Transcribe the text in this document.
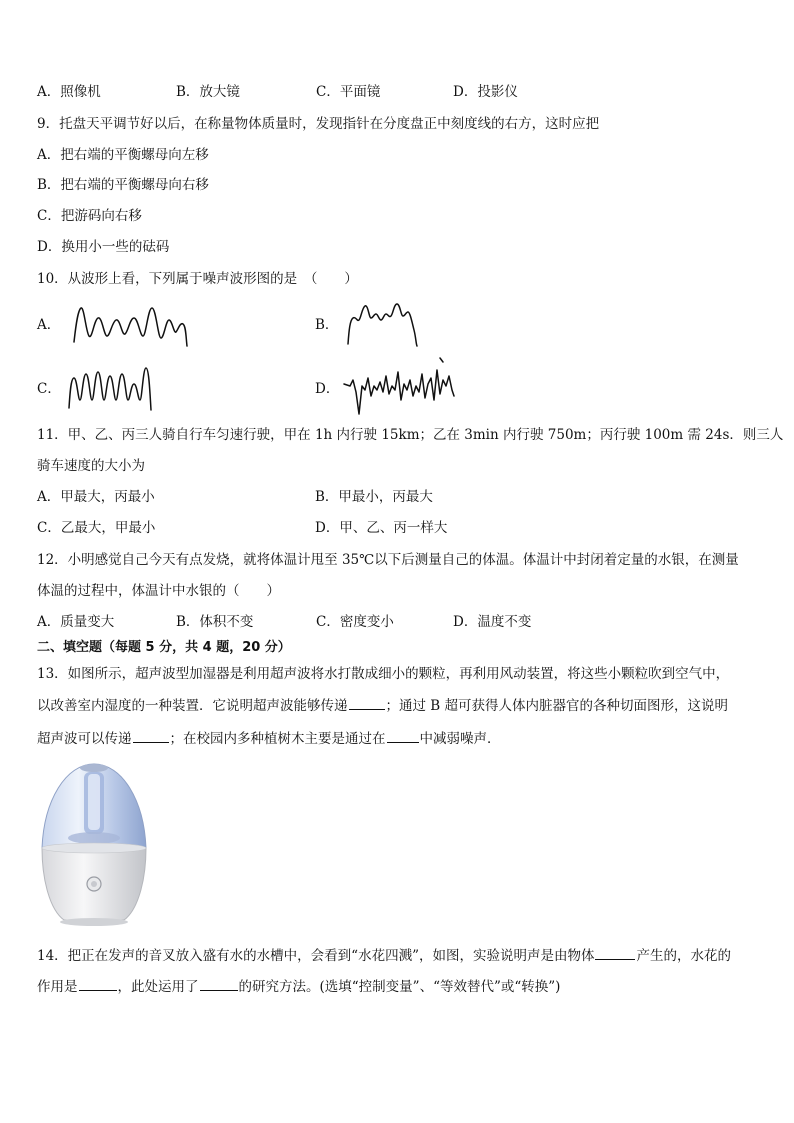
A．照像机	B．放大镜	C．平面镜	D．投影仪
9．托盘天平调节好以后，在称量物体质量时，发现指针在分度盘正中刻度线的右方，这时应把
A．把右端的平衡螺母向左移
B．把右端的平衡螺母向右移
C．把游码向右移
D．换用小一些的砝码
10．从波形上看，下列属于噪声波形图的是　（　　）
A．	B．
C．	D．
11．甲、乙、丙三人骑自行车匀速行驶，甲在 1h 内行驶 15km；乙在 3min 内行驶 750m；丙行驶 100m 需 24s．则三人
骑车速度的大小为
A．甲最大，丙最小	B．甲最小，丙最大
C．乙最大，甲最小	D．甲、乙、丙一样大
12．小明感觉自己今天有点发烧，就将体温计甩至 35℃以下后测量自己的体温。体温计中封闭着定量的水银，在测量
体温的过程中，体温计中水银的（　　）
A．质量变大	B．体积不变	C．密度变小	D．温度不变
二、填空题（每题 5 分，共 4 题，20 分）
13．如图所示，超声波型加湿器是利用超声波将水打散成细小的颗粒，再利用风动装置，将这些小颗粒吹到空气中，
以改善室内湿度的一种装置．它说明超声波能够传递	；通过 B 超可获得人体内脏器官的各种切面图形，这说明
超声波可以传递	；在校园内多种植树木主要是通过在	中减弱噪声．
14．把正在发声的音叉放入盛有水的水槽中，会看到“水花四溅”，如图，实验说明声是由物体	产生的，水花的
作用是	，此处运用了	的研究方法。(选填“控制变量”、“等效替代”或“转换”)
